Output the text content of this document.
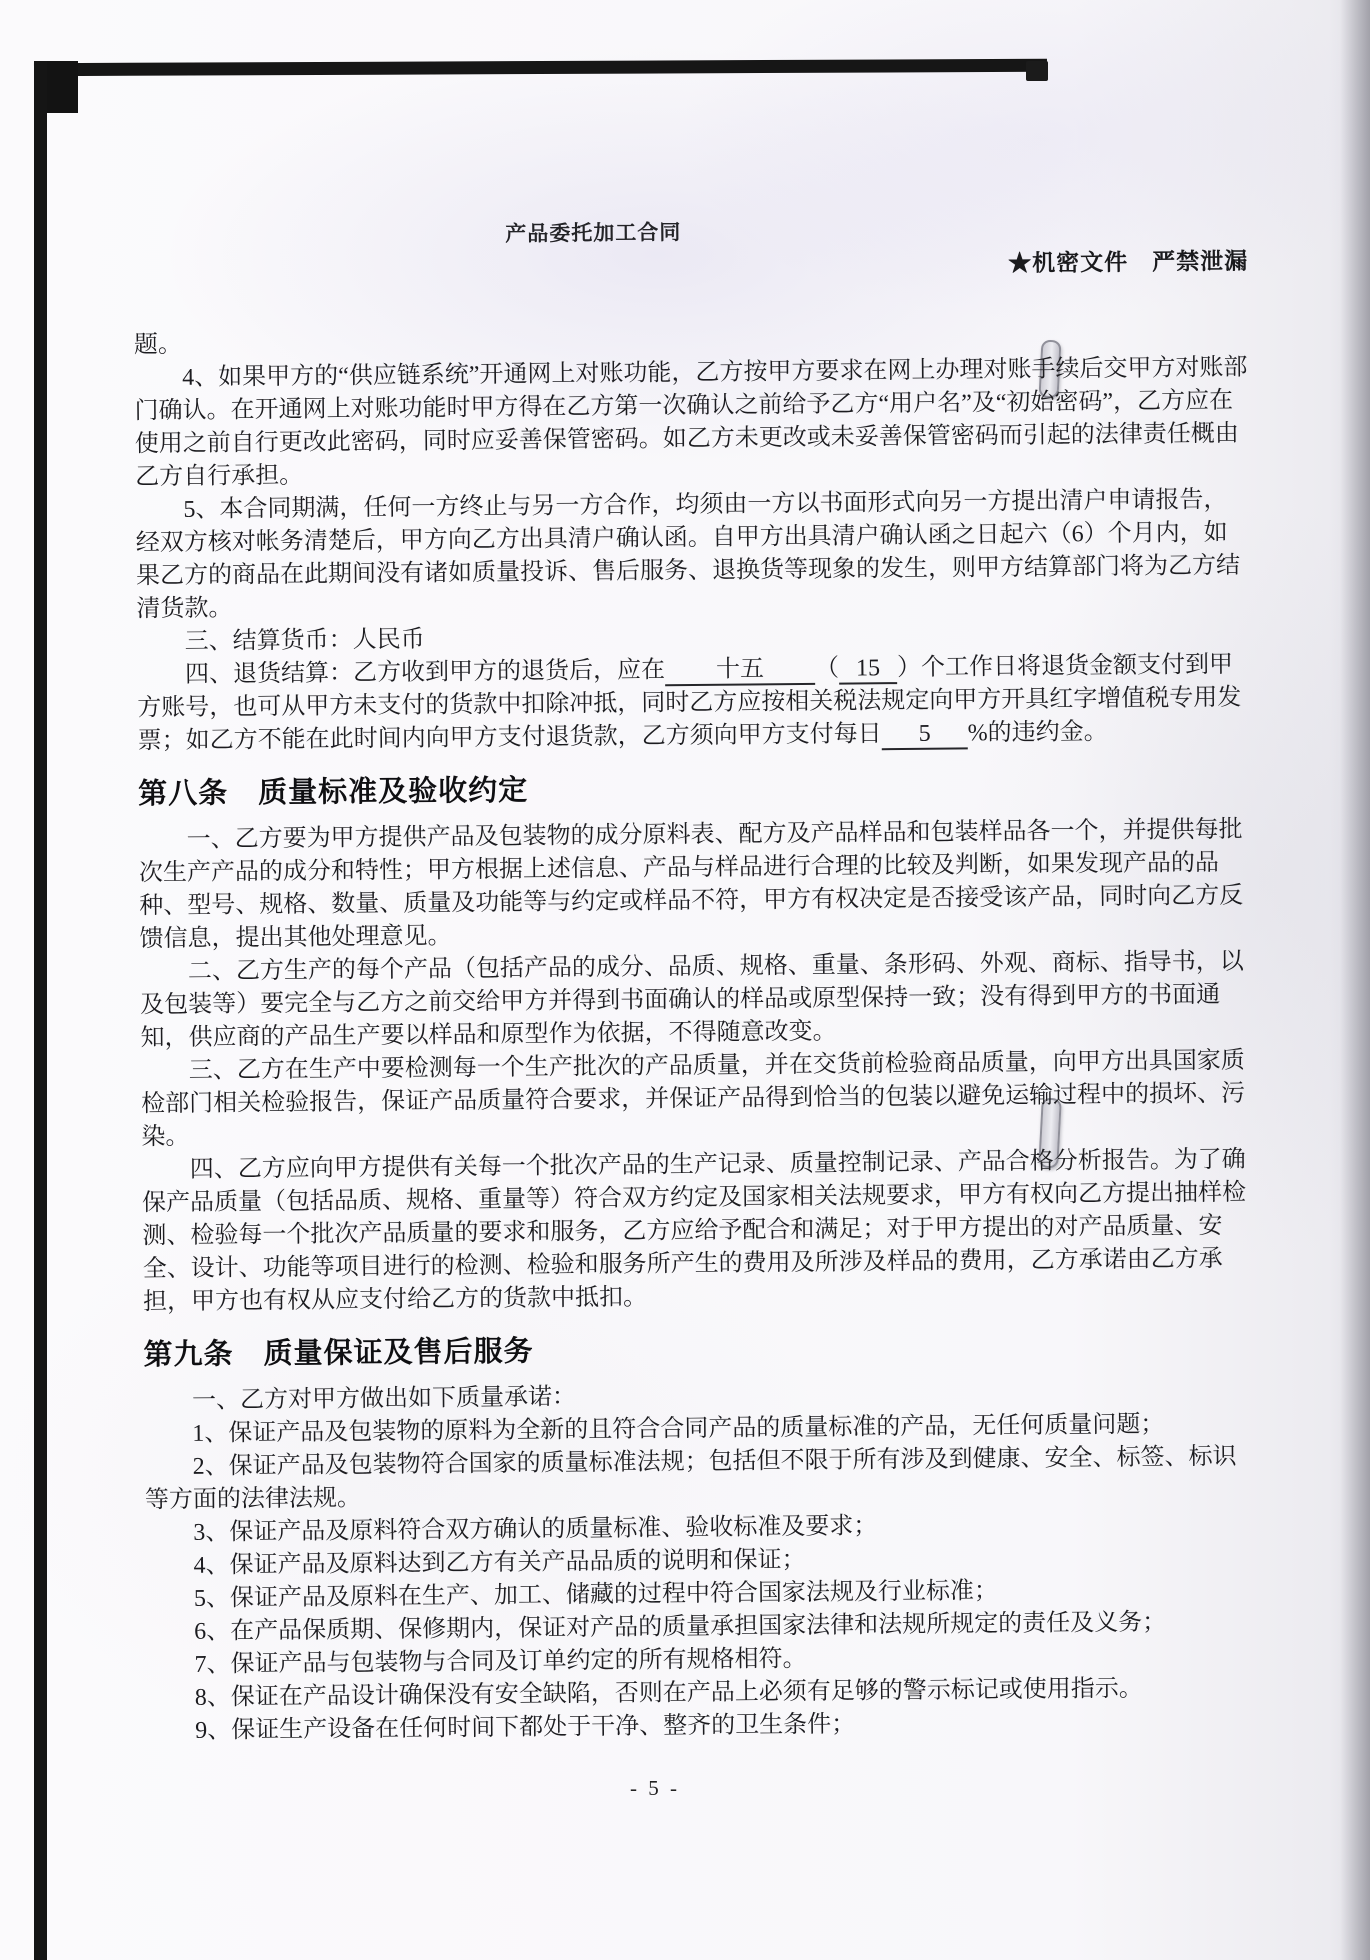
产品委托加工合同
★机密文件　严禁泄漏

题。

4、如果甲方的“供应链系统”开通网上对账功能，乙方按甲方要求在网上办理对账手续后交甲方对账部门确认。在开通网上对账功能时甲方得在乙方第一次确认之前给予乙方“用户名”及“初始密码”，乙方应在使用之前自行更改此密码，同时应妥善保管密码。如乙方未更改或未妥善保管密码而引起的法律责任概由乙方自行承担。

5、本合同期满，任何一方终止与另一方合作，均须由一方以书面形式向另一方提出清户申请报告，经双方核对帐务清楚后，甲方向乙方出具清户确认函。自甲方出具清户确认函之日起六（6）个月内，如果乙方的商品在此期间没有诸如质量投诉、售后服务、退换货等现象的发生，则甲方结算部门将为乙方结清货款。

三、结算货币：人民币

四、退货结算：乙方收到甲方的退货后，应在 十五 （ 15 ）个工作日将退货金额支付到甲方账号，也可从甲方未支付的货款中扣除冲抵，同时乙方应按相关税法规定向甲方开具红字增值税专用发票；如乙方不能在此时间内向甲方支付退货款，乙方须向甲方支付每日 5 %的违约金。

第八条　质量标准及验收约定

一、乙方要为甲方提供产品及包装物的成分原料表、配方及产品样品和包装样品各一个，并提供每批次生产产品的成分和特性；甲方根据上述信息、产品与样品进行合理的比较及判断，如果发现产品的品种、型号、规格、数量、质量及功能等与约定或样品不符，甲方有权决定是否接受该产品，同时向乙方反馈信息，提出其他处理意见。

二、乙方生产的每个产品（包括产品的成分、品质、规格、重量、条形码、外观、商标、指导书，以及包装等）要完全与乙方之前交给甲方并得到书面确认的样品或原型保持一致；没有得到甲方的书面通知，供应商的产品生产要以样品和原型作为依据，不得随意改变。

三、乙方在生产中要检测每一个生产批次的产品质量，并在交货前检验商品质量，向甲方出具国家质检部门相关检验报告，保证产品质量符合要求，并保证产品得到恰当的包装以避免运输过程中的损坏、污染。

四、乙方应向甲方提供有关每一个批次产品的生产记录、质量控制记录、产品合格分析报告。为了确保产品质量（包括品质、规格、重量等）符合双方约定及国家相关法规要求，甲方有权向乙方提出抽样检测、检验每一个批次产品质量的要求和服务，乙方应给予配合和满足；对于甲方提出的对产品质量、安全、设计、功能等项目进行的检测、检验和服务所产生的费用及所涉及样品的费用，乙方承诺由乙方承担，甲方也有权从应支付给乙方的货款中抵扣。

第九条　质量保证及售后服务

一、乙方对甲方做出如下质量承诺：

1、保证产品及包装物的原料为全新的且符合合同产品的质量标准的产品，无任何质量问题；

2、保证产品及包装物符合国家的质量标准法规；包括但不限于所有涉及到健康、安全、标签、标识等方面的法律法规。

3、保证产品及原料符合双方确认的质量标准、验收标准及要求；

4、保证产品及原料达到乙方有关产品品质的说明和保证；

5、保证产品及原料在生产、加工、储藏的过程中符合国家法规及行业标准；

6、在产品保质期、保修期内，保证对产品的质量承担国家法律和法规所规定的责任及义务；

7、保证产品与包装物与合同及订单约定的所有规格相符。

8、保证在产品设计确保没有安全缺陷，否则在产品上必须有足够的警示标记或使用指示。

9、保证生产设备在任何时间下都处于干净、整齐的卫生条件；

- 5 -
